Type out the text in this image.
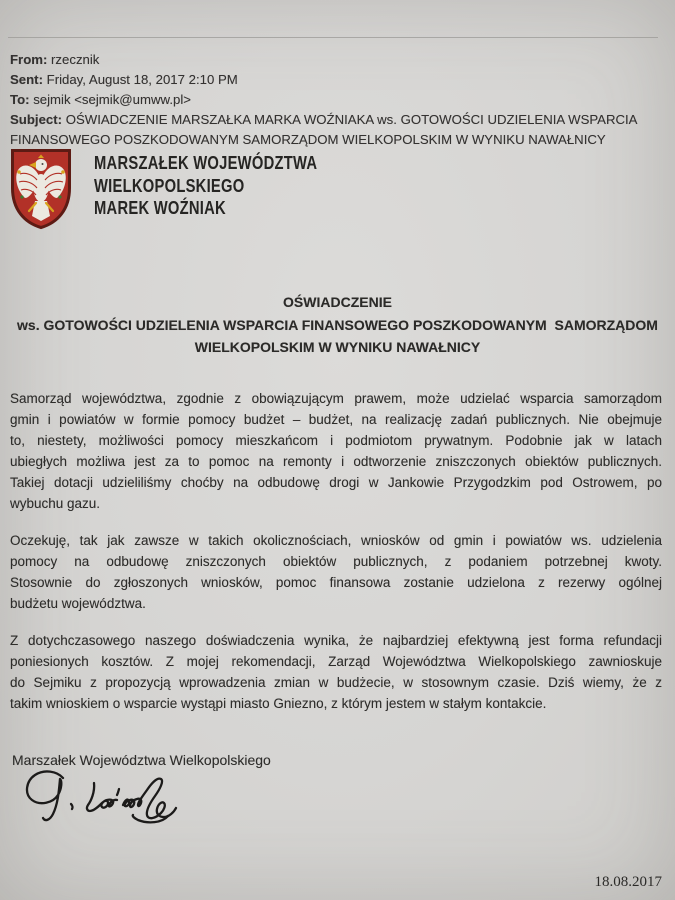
From: rzecznik
Sent: Friday, August 18, 2017 2:10 PM
To: sejmik <sejmik@umww.pl>
Subject: OŚWIADCZENIE MARSZAŁKA MARKA WOŹNIAKA ws. GOTOWOŚCI UDZIELENIA WSPARCIA FINANSOWEGO POSZKODOWANYM SAMORZĄDOM WIELKOPOLSKIM W WYNIKU NAWAŁNICY
MARSZAŁEK WOJEWÓDZTWA
WIELKOPOLSKIEGO
MAREK WOŹNIAK
OŚWIADCZENIE
ws. GOTOWOŚCI UDZIELENIA WSPARCIA FINANSOWEGO POSZKODOWANYM  SAMORZĄDOM
WIELKOPOLSKIM W WYNIKU NAWAŁNICY
Samorząd województwa, zgodnie z obowiązującym prawem, może udzielać wsparcia samorządom
gmin i powiatów w formie pomocy budżet – budżet, na realizację zadań publicznych. Nie obejmuje
to, niestety, możliwości pomocy mieszkańcom i podmiotom prywatnym. Podobnie jak w latach
ubiegłych możliwa jest za to pomoc na remonty i odtworzenie zniszczonych obiektów publicznych.
Takiej dotacji udzieliliśmy choćby na odbudowę drogi w Jankowie Przygodzkim pod Ostrowem, po
wybuchu gazu.
Oczekuję, tak jak zawsze w takich okolicznościach, wniosków od gmin i powiatów ws. udzielenia
pomocy na odbudowę zniszczonych obiektów publicznych, z podaniem potrzebnej kwoty.
Stosownie do zgłoszonych wniosków, pomoc finansowa zostanie udzielona z rezerwy ogólnej
budżetu województwa.
Z dotychczasowego naszego doświadczenia wynika, że najbardziej efektywną jest forma refundacji
poniesionych kosztów. Z mojej rekomendacji, Zarząd Województwa Wielkopolskiego zawnioskuje
do Sejmiku z propozycją wprowadzenia zmian w budżecie, w stosownym czasie. Dziś wiemy, że z
takim wnioskiem o wsparcie wystąpi miasto Gniezno, z którym jestem w stałym kontakcie.
Marszałek Województwa Wielkopolskiego
18.08.2017
